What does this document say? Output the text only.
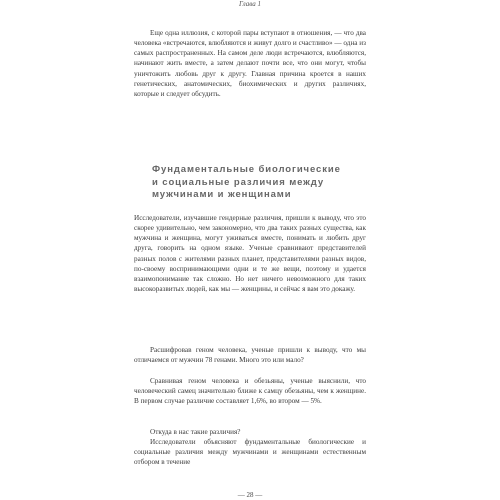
Глава 1

Еще одна иллюзия, с которой пары вступают в отношения, — что два человека «встречаются, влюбляются и живут долго и счастливо» — одна из самых распространенных. На самом деле люди встречаются, влюбляются, начинают жить вместе, а затем делают почти все, что они могут, чтобы уничтожить любовь друг к другу. Главная причина кроется в наших генетических, анатомических, биохимических и других различиях, которые и следует обсудить.

Фундаментальные биологические и социальные различия между мужчинами и женщинами

Исследователи, изучавшие гендерные различия, пришли к выводу, что это скорее удивительно, чем закономерно, что два таких разных существа, как мужчина и женщина, могут уживаться вместе, понимать и любить друг друга, говорить на одном языке. Ученые сравнивают представителей разных полов с жителями разных планет, представителями разных видов, по-своему воспринимающими одни и те же вещи, поэтому и удается взаимопонимание так сложно. Но нет ничего невозможного для таких высокоразвитых людей, как мы — женщины, и сейчас я вам это докажу.

Расшифровав геном человека, ученые пришли к выводу, что мы отличаемся от мужчин 78 генами. Много это или мало?

Сравнивая геном человека и обезьяны, ученые выяснили, что человеческий самец значительно ближе к самцу обезьяны, чем к женщине. В первом случае различие составляет 1,6%, во втором — 5%.

Откуда в нас такие различия?

Исследователи объясняют фундаментальные биологические и социальные различия между мужчинами и женщинами естественным отбором в течение

— 28 —
